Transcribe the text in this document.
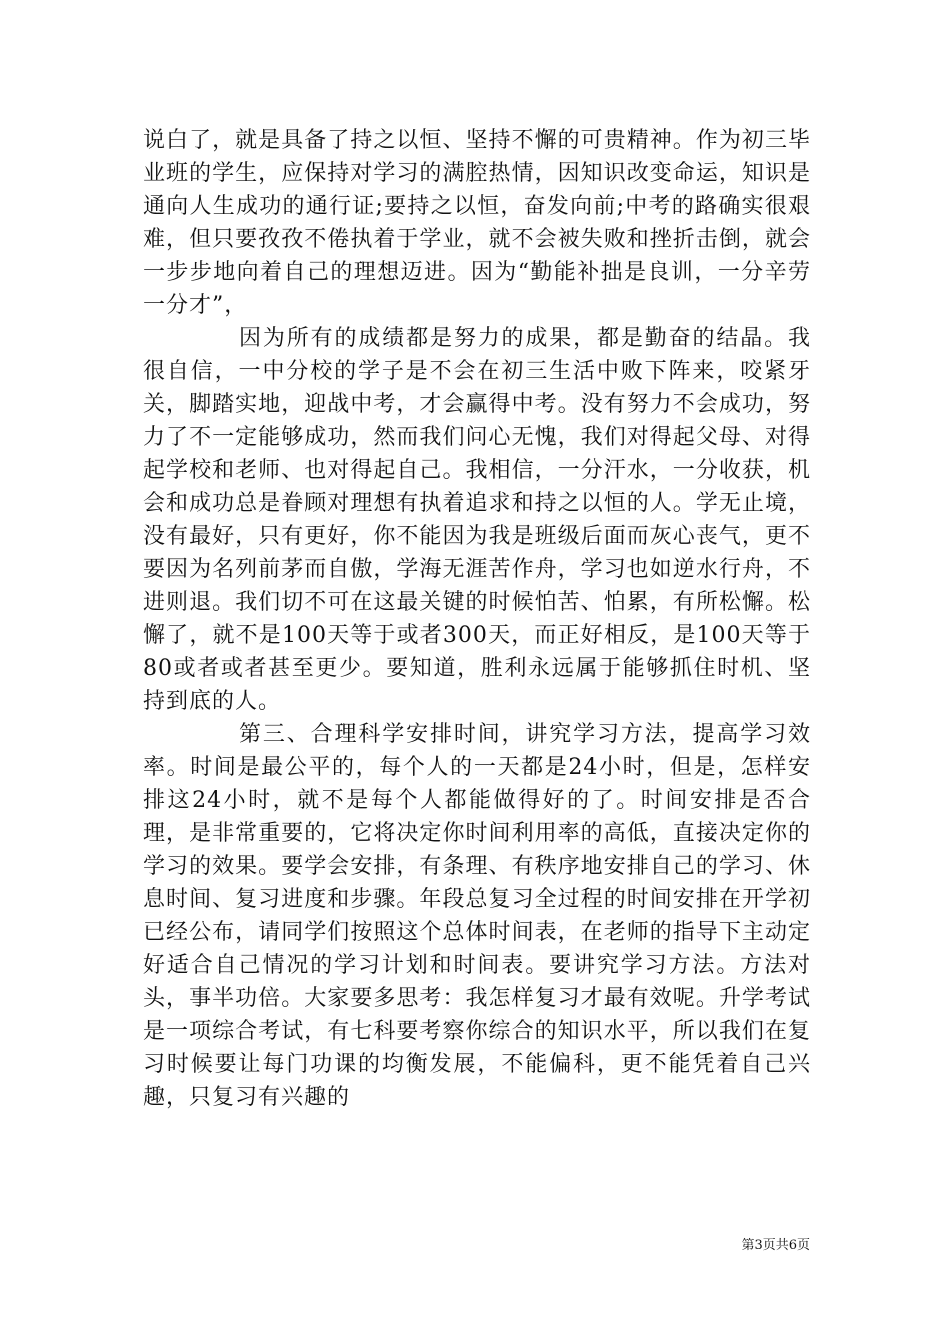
说白了，就是具备了持之以恒、坚持不懈的可贵精神。作为初三毕业班的学生，应保持对学习的满腔热情，因知识改变命运，知识是通向人生成功的通行证;要持之以恒，奋发向前;中考的路确实很艰难，但只要孜孜不倦执着于学业，就不会被失败和挫折击倒，就会一步步地向着自己的理想迈进。因为“勤能补拙是良训，一分辛劳一分才”，

因为所有的成绩都是努力的成果，都是勤奋的结晶。我很自信，一中分校的学子是不会在初三生活中败下阵来，咬紧牙关，脚踏实地，迎战中考，才会赢得中考。没有努力不会成功，努力了不一定能够成功，然而我们问心无愧，我们对得起父母、对得起学校和老师、也对得起自己。我相信，一分汗水，一分收获，机会和成功总是眷顾对理想有执着追求和持之以恒的人。学无止境，没有最好，只有更好，你不能因为我是班级后面而灰心丧气，更不要因为名列前茅而自傲，学海无涯苦作舟，学习也如逆水行舟，不进则退。我们切不可在这最关键的时候怕苦、怕累，有所松懈。松懈了，就不是100天等于或者300天，而正好相反，是100天等于80或者或者甚至更少。要知道，胜利永远属于能够抓住时机、坚持到底的人。

第三、合理科学安排时间，讲究学习方法，提高学习效率。时间是最公平的，每个人的一天都是24小时，但是，怎样安排这24小时，就不是每个人都能做得好的了。时间安排是否合理，是非常重要的，它将决定你时间利用率的高低，直接决定你的学习的效果。要学会安排，有条理、有秩序地安排自己的学习、休息时间、复习进度和步骤。年段总复习全过程的时间安排在开学初已经公布，请同学们按照这个总体时间表，在老师的指导下主动定好适合自己情况的学习计划和时间表。要讲究学习方法。方法对头，事半功倍。大家要多思考：我怎样复习才最有效呢。升学考试是一项综合考试，有七科要考察你综合的知识水平，所以我们在复习时候要让每门功课的均衡发展，不能偏科，更不能凭着自己兴趣，只复习有兴趣的

第3页共6页
